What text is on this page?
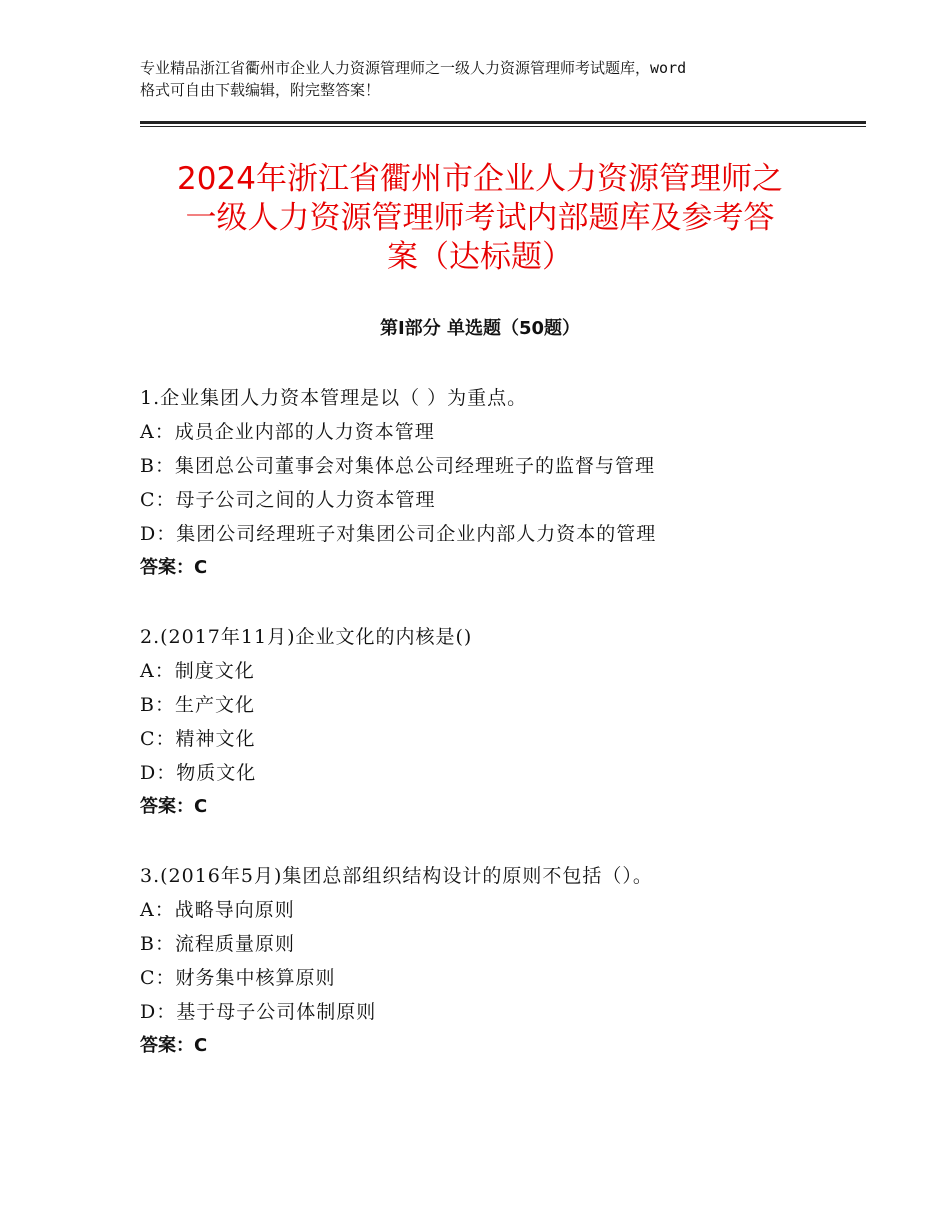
专业精品浙江省衢州市企业人力资源管理师之一级人力资源管理师考试题库，word
格式可自由下载编辑，附完整答案！
2024年浙江省衢州市企业人力资源管理师之
一级人力资源管理师考试内部题库及参考答
案（达标题）
第Ⅰ部分 单选题（50题）
1.企业集团人力资本管理是以（ ）为重点。
A：成员企业内部的人力资本管理
B：集团总公司董事会对集体总公司经理班子的监督与管理
C：母子公司之间的人力资本管理
D：集团公司经理班子对集团公司企业内部人力资本的管理
答案：C
2.(2017年11月)企业文化的内核是()
A：制度文化
B：生产文化
C：精神文化
D：物质文化
答案：C
3.(2016年5月)集团总部组织结构设计的原则不包括（）。
A：战略导向原则
B：流程质量原则
C：财务集中核算原则
D：基于母子公司体制原则
答案：C
